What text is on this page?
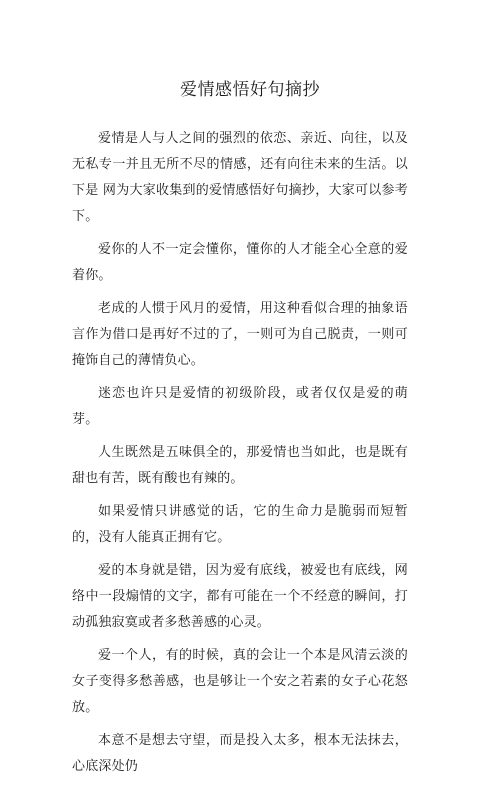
爱情感悟好句摘抄

爱情是人与人之间的强烈的依恋、亲近、向往，以及无私专一并且无所不尽的情感，还有向往未来的生活。以下是 网为大家收集到的爱情感悟好句摘抄，大家可以参考下。

爱你的人不一定会懂你，懂你的人才能全心全意的爱着你。

老成的人惯于风月的爱情，用这种看似合理的抽象语言作为借口是再好不过的了，一则可为自己脱责，一则可掩饰自己的薄情负心。

迷恋也许只是爱情的初级阶段，或者仅仅是爱的萌芽。

人生既然是五味俱全的，那爱情也当如此，也是既有甜也有苦，既有酸也有辣的。

如果爱情只讲感觉的话，它的生命力是脆弱而短暂的，没有人能真正拥有它。

爱的本身就是错，因为爱有底线，被爱也有底线，网络中一段煽情的文字，都有可能在一个不经意的瞬间，打动孤独寂寞或者多愁善感的心灵。

爱一个人，有的时候，真的会让一个本是风清云淡的女子变得多愁善感，也是够让一个安之若素的女子心花怒放。

本意不是想去守望，而是投入太多，根本无法抹去，心底深处仍
